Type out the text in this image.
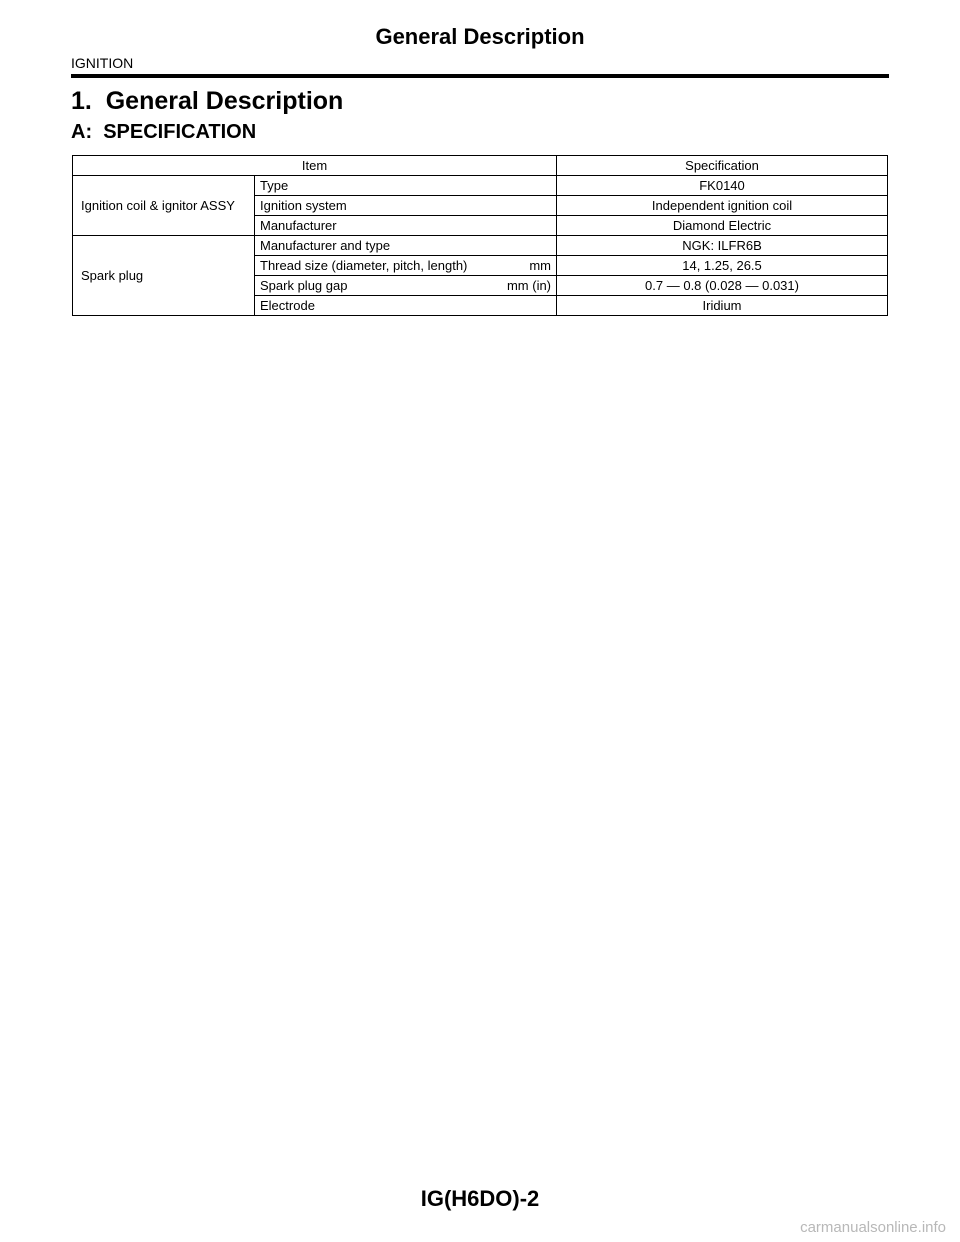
General Description
IGNITION
1.  General Description
A:  SPECIFICATION
Item		Specification
Ignition coil & ignitor ASSY	Type	FK0140

	Ignition system	Independent ignition coil

	Manufacturer	Diamond Electric
Spark plug	Manufacturer and type	NGK: ILFR6B

	Thread size (diameter, pitch, length) mm	14, 1.25, 26.5

	Spark plug gap mm (in)	0.7 — 0.8 (0.028 — 0.031)

	Electrode	Iridium
IG(H6DO)-2
carmanualsonline.info
